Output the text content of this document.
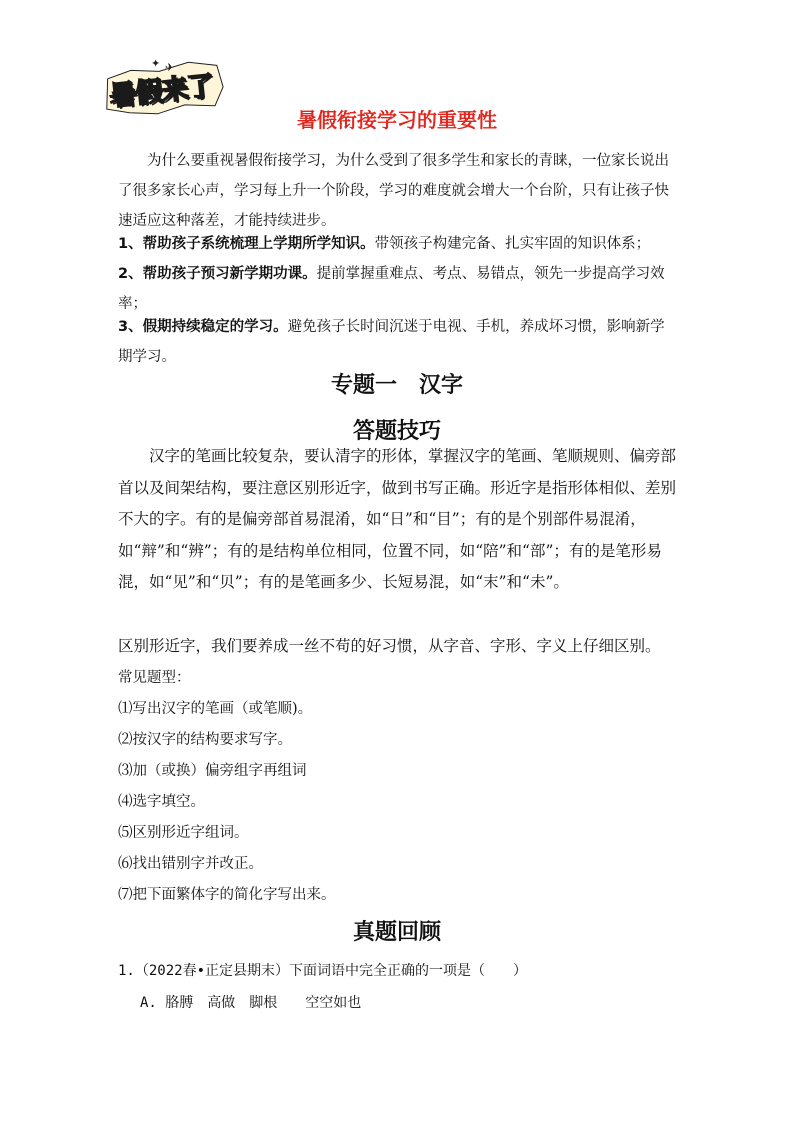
暑假来了
✦ ✈
暑假衔接学习的重要性
为什么要重视暑假衔接学习，为什么受到了很多学生和家长的青睐，一位家长说出了很多家长心声，学习每上升一个阶段，学习的难度就会增大一个台阶，只有让孩子快速适应这种落差，才能持续进步。
1、帮助孩子系统梳理上学期所学知识。带领孩子构建完备、扎实牢固的知识体系；
2、帮助孩子预习新学期功课。提前掌握重难点、考点、易错点，领先一步提高学习效率；
3、假期持续稳定的学习。避免孩子长时间沉迷于电视、手机，养成坏习惯，影响新学期学习。
专题一　汉字
答题技巧
汉字的笔画比较复杂，要认清字的形体，掌握汉字的笔画、笔顺规则、偏旁部首以及间架结构，要注意区别形近字，做到书写正确。形近字是指形体相似、差别不大的字。有的是偏旁部首易混淆，如“日”和“目”；有的是个别部件易混淆，如“辩”和“辨”；有的是结构单位相同，位置不同，如“陪”和“部”；有的是笔形易混，如“见”和“贝”；有的是笔画多少、长短易混，如“末”和“未”。
区别形近字，我们要养成一丝不苟的好习惯，从字音、字形、字义上仔细区别。
常见题型：
⑴写出汉字的笔画（或笔顺)。
⑵按汉字的结构要求写字。
⑶加（或换）偏旁组字再组词
⑷选字填空。
⑸区别形近字组词。
⑹找出错别字并改正。
⑺把下面繁体字的简化字写出来。
真题回顾
1.（2022春•正定县期末）下面词语中完全正确的一项是（　　）
A. 胳膊　高做　脚根　　空空如也
